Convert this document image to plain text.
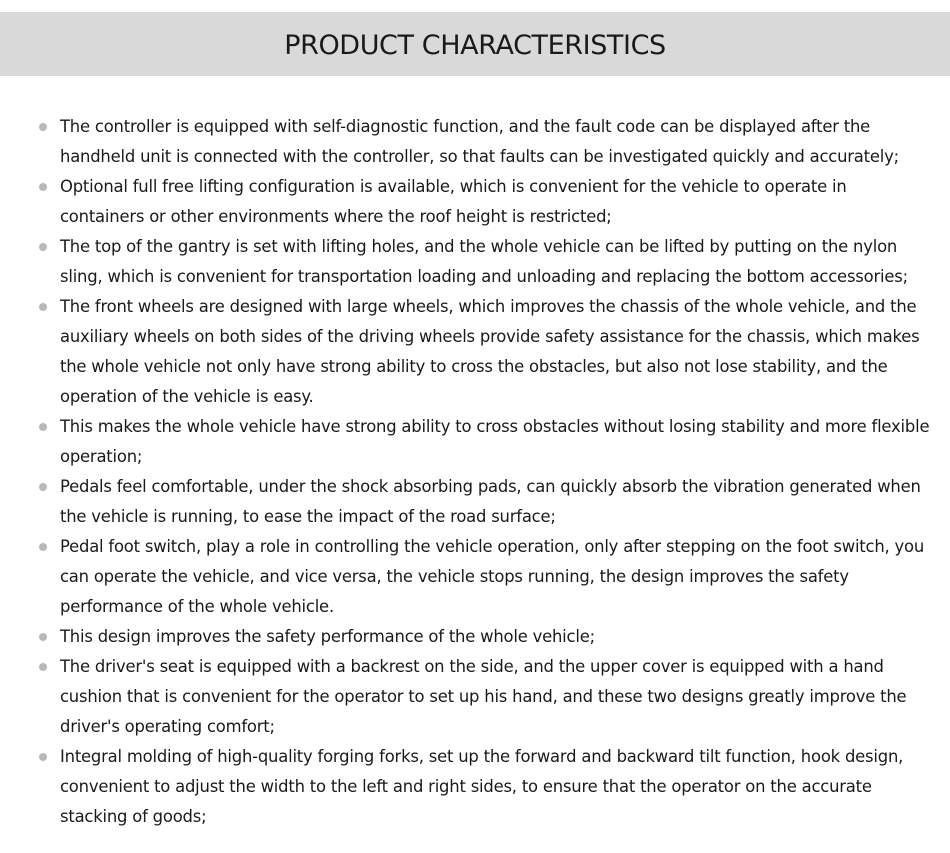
PRODUCT CHARACTERISTICS
The controller is equipped with self-diagnostic function, and the fault code can be displayed after the handheld unit is connected with the controller, so that faults can be investigated quickly and accurately;
Optional full free lifting configuration is available, which is convenient for the vehicle to operate in containers or other environments where the roof height is restricted;
The top of the gantry is set with lifting holes, and the whole vehicle can be lifted by putting on the nylon sling, which is convenient for transportation loading and unloading and replacing the bottom accessories;
The front wheels are designed with large wheels, which improves the chassis of the whole vehicle, and the auxiliary wheels on both sides of the driving wheels provide safety assistance for the chassis, which makes the whole vehicle not only have strong ability to cross the obstacles, but also not lose stability, and the operation of the vehicle is easy.
This makes the whole vehicle have strong ability to cross obstacles without losing stability and more flexible operation;
Pedals feel comfortable, under the shock absorbing pads, can quickly absorb the vibration generated when the vehicle is running, to ease the impact of the road surface;
Pedal foot switch, play a role in controlling the vehicle operation, only after stepping on the foot switch, you can operate the vehicle, and vice versa, the vehicle stops running, the design improves the safety performance of the whole vehicle.
This design improves the safety performance of the whole vehicle;
The driver's seat is equipped with a backrest on the side, and the upper cover is equipped with a hand cushion that is convenient for the operator to set up his hand, and these two designs greatly improve the driver's operating comfort;
Integral molding of high-quality forging forks, set up the forward and backward tilt function, hook design, convenient to adjust the width to the left and right sides, to ensure that the operator on the accurate stacking of goods;
